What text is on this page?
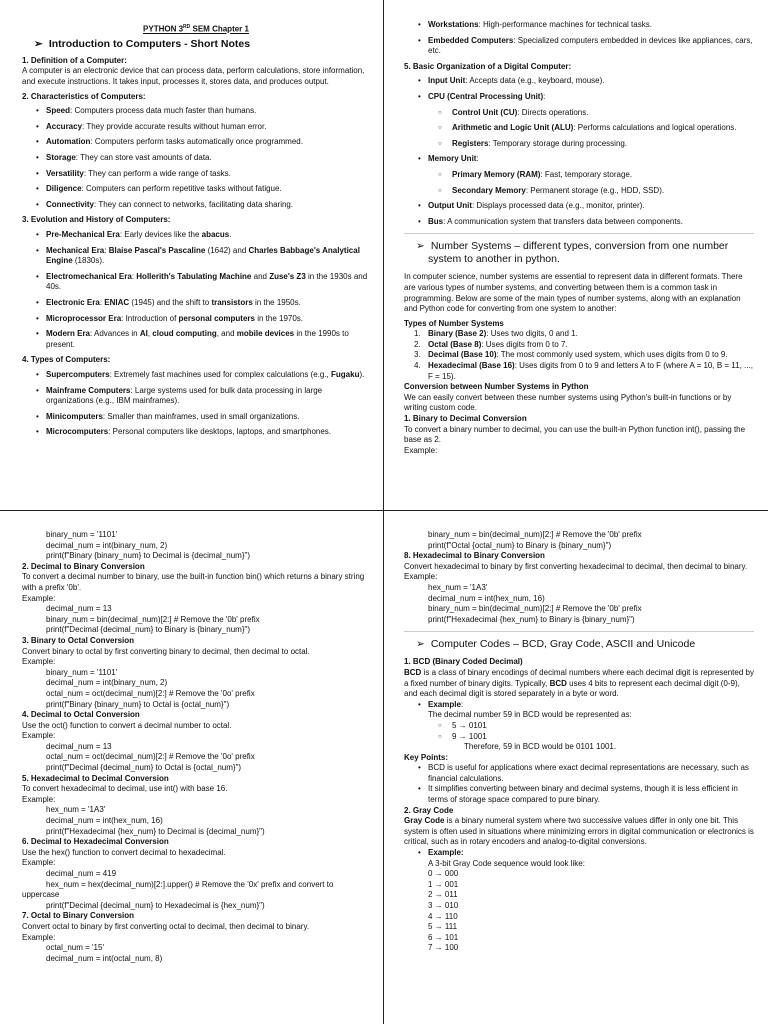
PYTHON 3RD SEM Chapter 1
➢ Introduction to Computers - Short Notes
1. Definition of a Computer:
A computer is an electronic device that can process data, perform calculations, store information, and execute instructions. It takes input, processes it, stores data, and produces output.
2. Characteristics of Computers:
• Speed: Computers process data much faster than humans.
• Accuracy: They provide accurate results without human error.
• Automation: Computers perform tasks automatically once programmed.
• Storage: They can store vast amounts of data.
• Versatility: They can perform a wide range of tasks.
• Diligence: Computers can perform repetitive tasks without fatigue.
• Connectivity: They can connect to networks, facilitating data sharing.
3. Evolution and History of Computers:
• Pre-Mechanical Era: Early devices like the abacus.
• Mechanical Era: Blaise Pascal's Pascaline (1642) and Charles Babbage's Analytical Engine (1830s).
• Electromechanical Era: Hollerith's Tabulating Machine and Zuse's Z3 in the 1930s and 40s.
• Electronic Era: ENIAC (1945) and the shift to transistors in the 1950s.
• Microprocessor Era: Introduction of personal computers in the 1970s.
• Modern Era: Advances in AI, cloud computing, and mobile devices in the 1990s to present.
4. Types of Computers:
• Supercomputers: Extremely fast machines used for complex calculations (e.g., Fugaku).
• Mainframe Computers: Large systems used for bulk data processing in large organizations (e.g., IBM mainframes).
• Minicomputers: Smaller than mainframes, used in small organizations.
• Microcomputers: Personal computers like desktops, laptops, and smartphones.
• Workstations: High-performance machines for technical tasks.
• Embedded Computers: Specialized computers embedded in devices like appliances, cars, etc.
5. Basic Organization of a Digital Computer:
• Input Unit: Accepts data (e.g., keyboard, mouse).
• CPU (Central Processing Unit):
○ Control Unit (CU): Directs operations.
○ Arithmetic and Logic Unit (ALU): Performs calculations and logical operations.
○ Registers: Temporary storage during processing.
• Memory Unit:
○ Primary Memory (RAM): Fast, temporary storage.
○ Secondary Memory: Permanent storage (e.g., HDD, SSD).
• Output Unit: Displays processed data (e.g., monitor, printer).
• Bus: A communication system that transfers data between components.
➢ Number Systems – different types, conversion from one number system to another in python.
In computer science, number systems are essential to represent data in different formats. There are various types of number systems, and converting between them is a common task in programming. Below are some of the main types of number systems, along with an explanation and Python code for converting from one system to another:
Types of Number Systems
1. Binary (Base 2): Uses two digits, 0 and 1.
2. Octal (Base 8): Uses digits from 0 to 7.
3. Decimal (Base 10): The most commonly used system, which uses digits from 0 to 9.
4. Hexadecimal (Base 16): Uses digits from 0 to 9 and letters A to F (where A = 10, B = 11, ..., F = 15).
Conversion between Number Systems in Python
We can easily convert between these number systems using Python's built-in functions or by writing custom code.
1. Binary to Decimal Conversion
To convert a binary number to decimal, you can use the built-in Python function int(), passing the base as 2.
Example:
binary_num = '1101'
decimal_num = int(binary_num, 2)
print(f"Binary {binary_num} to Decimal is {decimal_num}")
2. Decimal to Binary Conversion
To convert a decimal number to binary, use the built-in function bin() which returns a binary string with a prefix '0b'.
Example:
decimal_num = 13
binary_num = bin(decimal_num)[2:] # Remove the '0b' prefix
print(f"Decimal {decimal_num} to Binary is {binary_num}")
3. Binary to Octal Conversion
Convert binary to octal by first converting binary to decimal, then decimal to octal.
Example:
binary_num = '1101'
decimal_num = int(binary_num, 2)
octal_num = oct(decimal_num)[2:] # Remove the '0o' prefix
print(f"Binary {binary_num} to Octal is {octal_num}")
4. Decimal to Octal Conversion
Use the oct() function to convert a decimal number to octal.
Example:
decimal_num = 13
octal_num = oct(decimal_num)[2:] # Remove the '0o' prefix
print(f"Decimal {decimal_num} to Octal is {octal_num}")
5. Hexadecimal to Decimal Conversion
To convert hexadecimal to decimal, use int() with base 16.
Example:
hex_num = '1A3'
decimal_num = int(hex_num, 16)
print(f"Hexadecimal {hex_num} to Decimal is {decimal_num}")
6. Decimal to Hexadecimal Conversion
Use the hex() function to convert decimal to hexadecimal.
Example:
decimal_num = 419
hex_num = hex(decimal_num)[2:].upper() # Remove the '0x' prefix and convert to
uppercase
print(f"Decimal {decimal_num} to Hexadecimal is {hex_num}")
7. Octal to Binary Conversion
Convert octal to binary by first converting octal to decimal, then decimal to binary.
Example:
octal_num = '15'
decimal_num = int(octal_num, 8)
binary_num = bin(decimal_num)[2:] # Remove the '0b' prefix
print(f"Octal {octal_num} to Binary is {binary_num}")
8. Hexadecimal to Binary Conversion
Convert hexadecimal to binary by first converting hexadecimal to decimal, then decimal to binary.
Example:
hex_num = '1A3'
decimal_num = int(hex_num, 16)
binary_num = bin(decimal_num)[2:] # Remove the '0b' prefix
print(f"Hexadecimal {hex_num} to Binary is {binary_num}")
➢ Computer Codes – BCD, Gray Code, ASCII and Unicode
1. BCD (Binary Coded Decimal)
BCD is a class of binary encodings of decimal numbers where each decimal digit is represented by a fixed number of binary digits. Typically, BCD uses 4 bits to represent each decimal digit (0-9), and each decimal digit is stored separately in a byte or word.
• Example:
The decimal number 59 in BCD would be represented as:
○ 5 → 0101
○ 9 → 1001
Therefore, 59 in BCD would be 0101 1001.
Key Points:
• BCD is useful for applications where exact decimal representations are necessary, such as financial calculations.
• It simplifies converting between binary and decimal systems, though it is less efficient in terms of storage space compared to pure binary.
2. Gray Code
Gray Code is a binary numeral system where two successive values differ in only one bit. This system is often used in situations where minimizing errors in digital communication or electronics is critical, such as in rotary encoders and analog-to-digital conversions.
• Example:
A 3-bit Gray Code sequence would look like:
0 → 000
1 → 001
2 → 011
3 → 010
4 → 110
5 → 111
6 → 101
7 → 100
